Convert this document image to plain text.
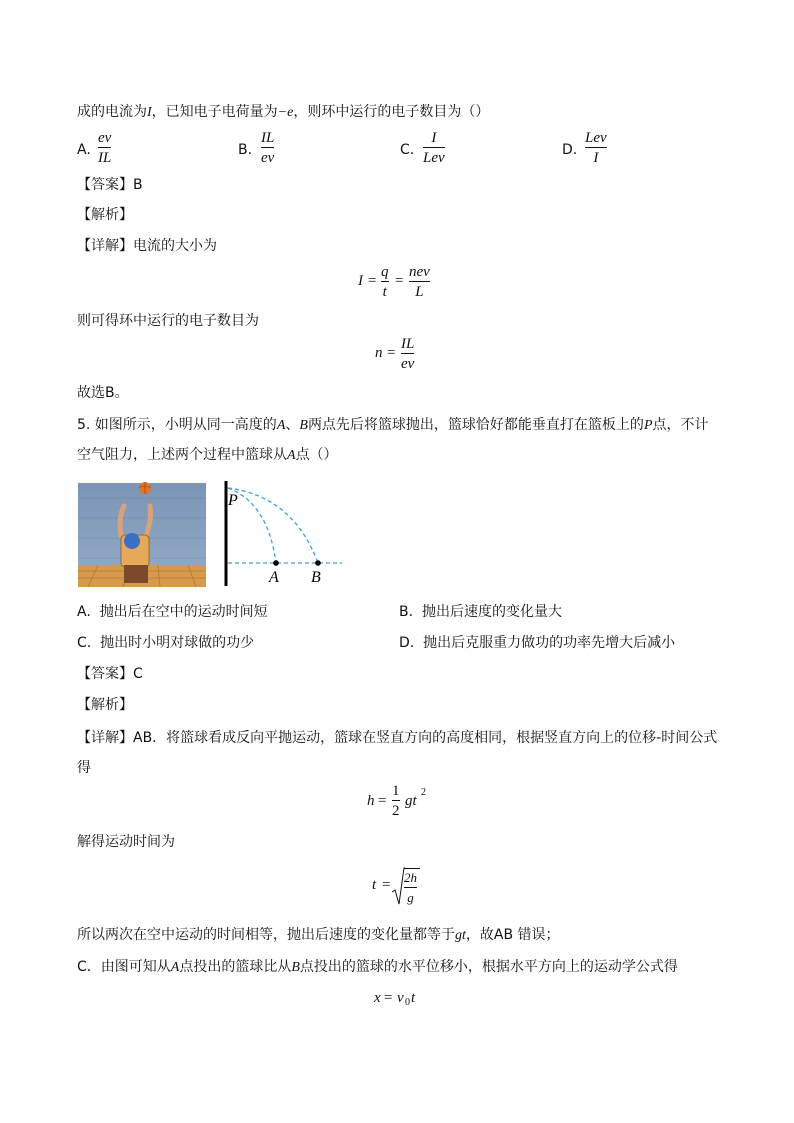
成的电流为I，已知电子电荷量为−e，则环中运行的电子数目为（）
A.
ev
IL	B.
IL
ev	C.
I
Lev	D.
Lev
I
【答案】B
【解析】
【详解】电流的大小为
I =
q
t
=
nev
L
则可得环中运行的电子数目为
n =
IL
ev
故选B。
5. 如图所示，小明从同一高度的A、B两点先后将篮球抛出，篮球恰好都能垂直打在篮板上的P点，不计
空气阻力，上述两个过程中篮球从A点（）
P
A B
A. 抛出后在空中的运动时间短	B. 抛出后速度的变化量大
C. 抛出时小明对球做的功少	D. 抛出后克服重力做功的功率先增大后减小
【答案】C
【解析】
【详解】AB．将篮球看成反向平抛运动，篮球在竖直方向的高度相同，根据竖直方向上的位移-时间公式
得
h =
1
2
gt
2
解得运动时间为
t = 2h
g
所以两次在空中运动的时间相等，抛出后速度的变化量都等于gt，故AB 错误；
C．由图可知从A点投出的篮球比从B点投出的篮球的水平位移小，根据水平方向上的运动学公式得
x = v 0 t
